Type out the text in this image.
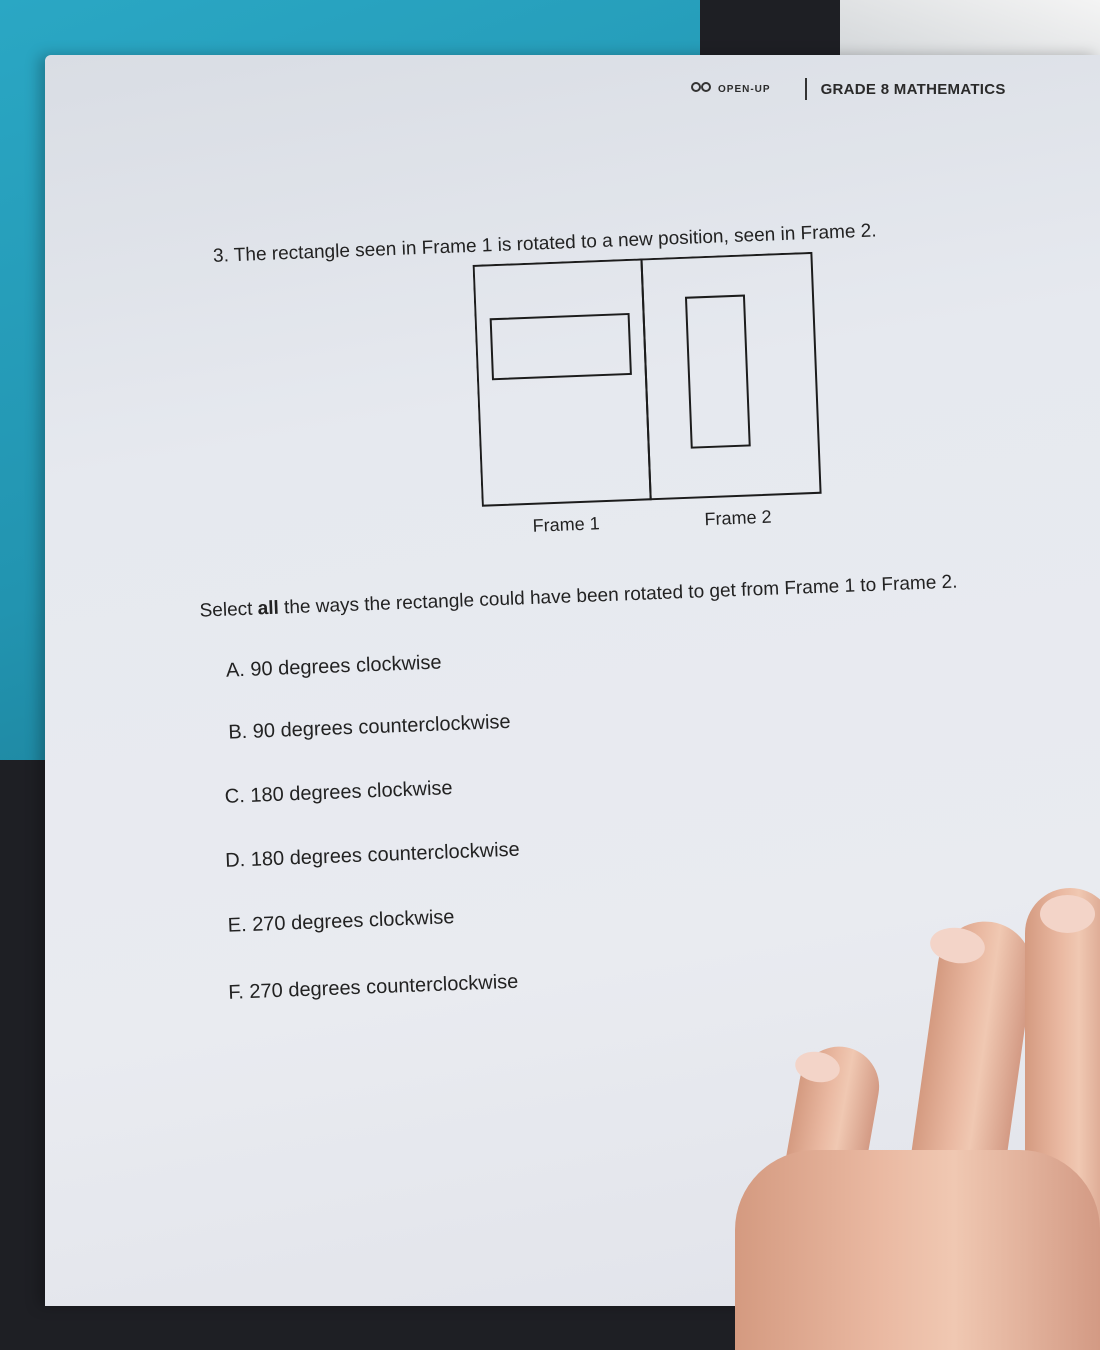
OPEN-UP	GRADE 8 MATHEMATICS
3. The rectangle seen in Frame 1 is rotated to a new position, seen in Frame 2.
Frame 1	Frame 2
Select all the ways the rectangle could have been rotated to get from Frame 1 to Frame 2.
A. 90 degrees clockwise
B. 90 degrees counterclockwise
C. 180 degrees clockwise
D. 180 degrees counterclockwise
E. 270 degrees clockwise
F. 270 degrees counterclockwise
